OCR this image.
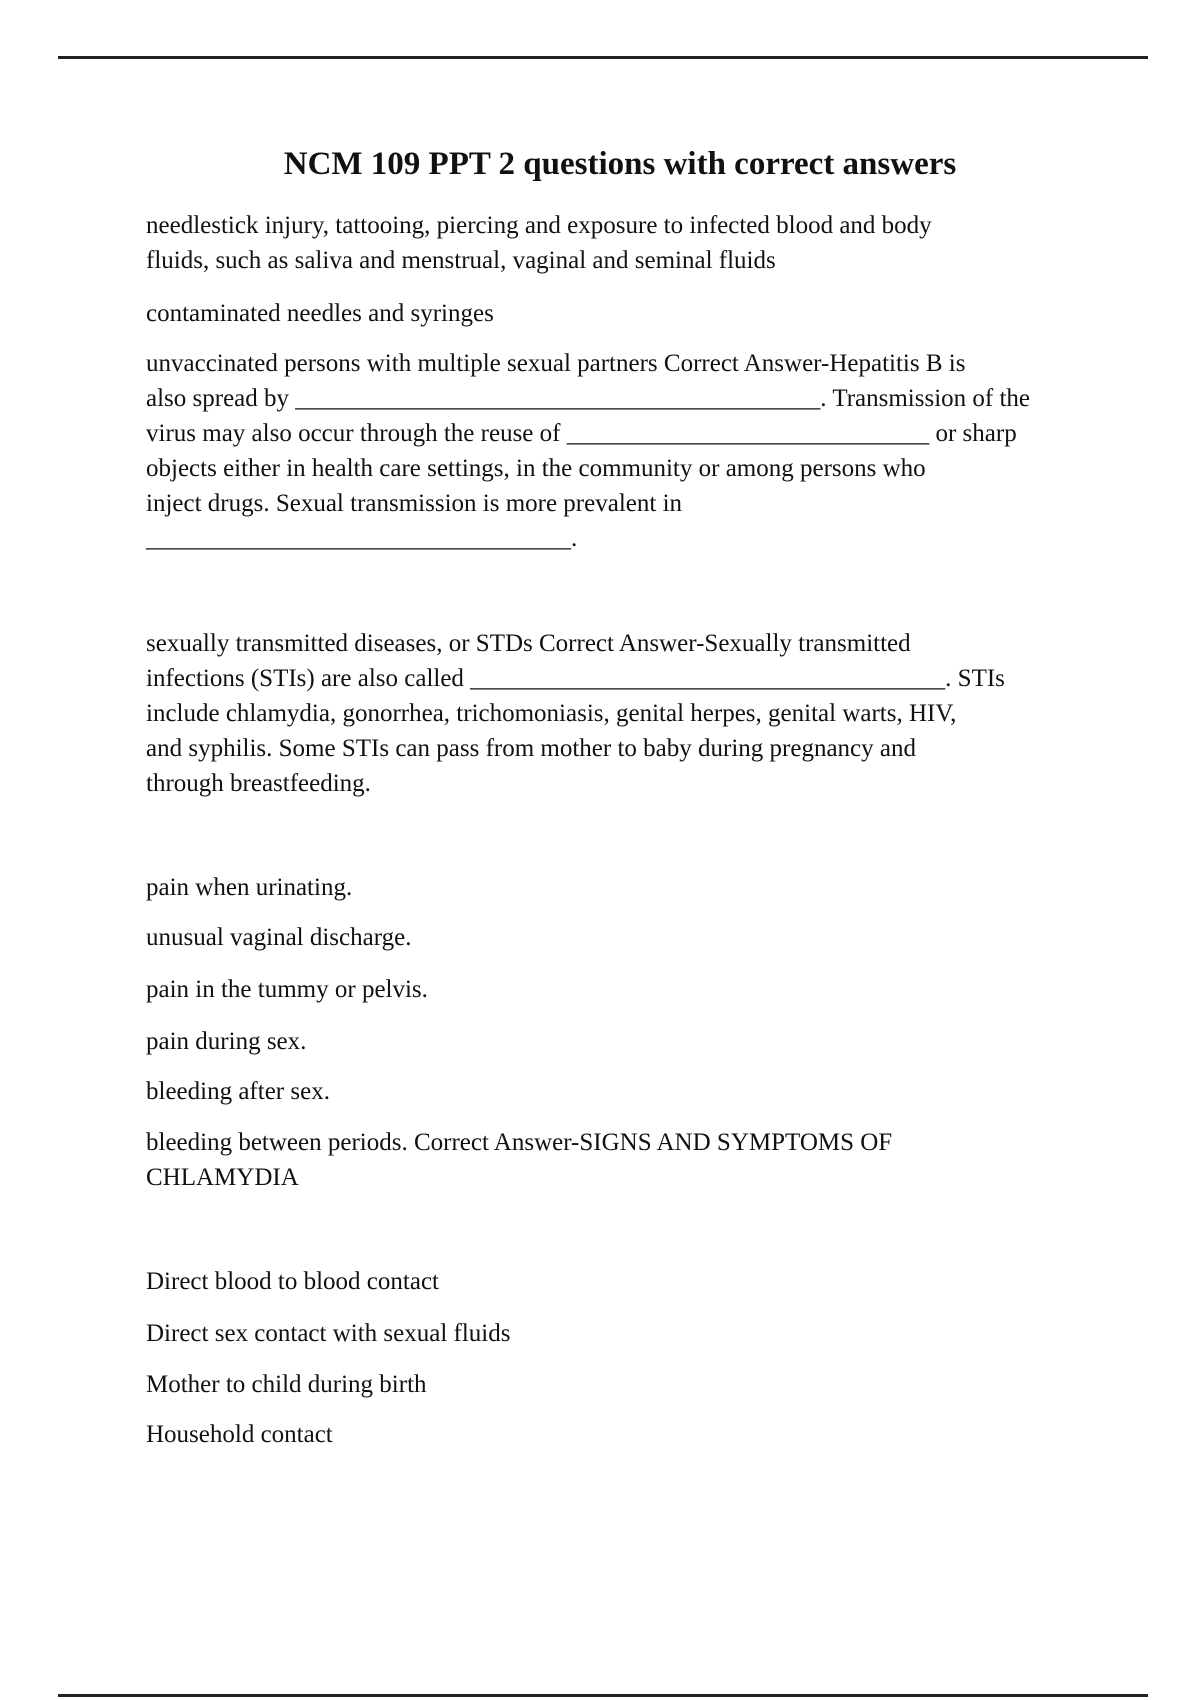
NCM 109 PPT 2 questions with correct answers
needlestick injury, tattooing, piercing and exposure to infected blood and body
fluids, such as saliva and menstrual, vaginal and seminal fluids
contaminated needles and syringes
unvaccinated persons with multiple sexual partners Correct Answer-Hepatitis B is
also spread by __________________________________________. Transmission of the
virus may also occur through the reuse of _____________________________ or sharp
objects either in health care settings, in the community or among persons who
inject drugs. Sexual transmission is more prevalent in
__________________________________.
sexually transmitted diseases, or STDs Correct Answer-Sexually transmitted
infections (STIs) are also called ______________________________________. STIs
include chlamydia, gonorrhea, trichomoniasis, genital herpes, genital warts, HIV,
and syphilis. Some STIs can pass from mother to baby during pregnancy and
through breastfeeding.
pain when urinating.
unusual vaginal discharge.
pain in the tummy or pelvis.
pain during sex.
bleeding after sex.
bleeding between periods. Correct Answer-SIGNS AND SYMPTOMS OF
CHLAMYDIA
Direct blood to blood contact
Direct sex contact with sexual fluids
Mother to child during birth
Household contact
